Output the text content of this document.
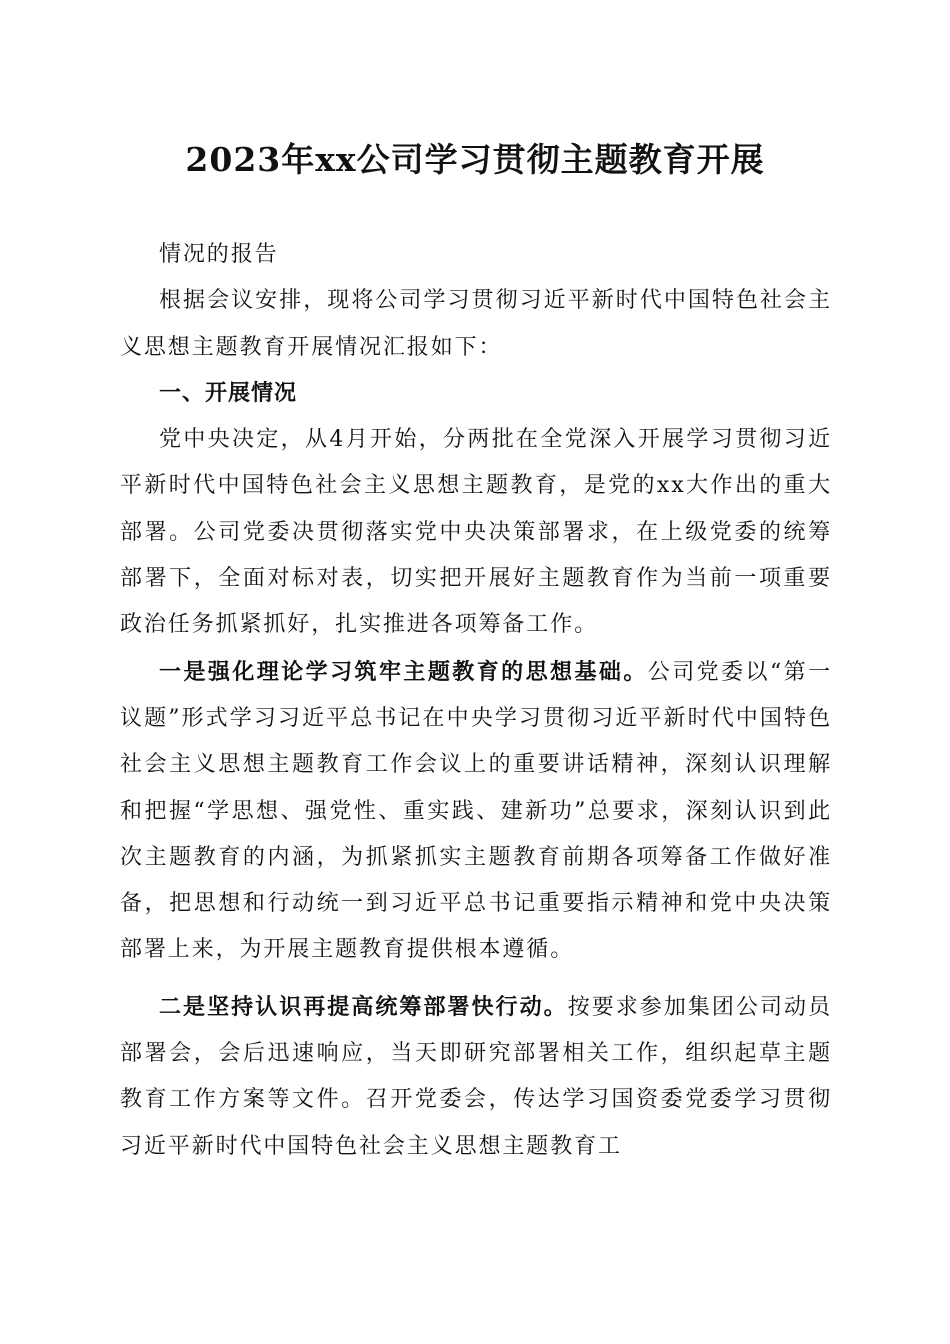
2023年xx公司学习贯彻主题教育开展

情况的报告

根据会议安排，现将公司学习贯彻习近平新时代中国特色社会主义思想主题教育开展情况汇报如下：

一、开展情况

党中央决定，从4月开始，分两批在全党深入开展学习贯彻习近平新时代中国特色社会主义思想主题教育，是党的xx大作出的重大部署。公司党委决贯彻落实党中央决策部署求，在上级党委的统筹部署下，全面对标对表，切实把开展好主题教育作为当前一项重要政治任务抓紧抓好，扎实推进各项筹备工作。

一是强化理论学习筑牢主题教育的思想基础。公司党委以“第一议题”形式学习习近平总书记在中央学习贯彻习近平新时代中国特色社会主义思想主题教育工作会议上的重要讲话精神，深刻认识理解和把握“学思想、强党性、重实践、建新功”总要求，深刻认识到此次主题教育的内涵，为抓紧抓实主题教育前期各项筹备工作做好准备，把思想和行动统一到习近平总书记重要指示精神和党中央决策部署上来，为开展主题教育提供根本遵循。

二是坚持认识再提高统筹部署快行动。按要求参加集团公司动员部署会，会后迅速响应，当天即研究部署相关工作，组织起草主题教育工作方案等文件。召开党委会，传达学习国资委党委学习贯彻习近平新时代中国特色社会主义思想主题教育工
